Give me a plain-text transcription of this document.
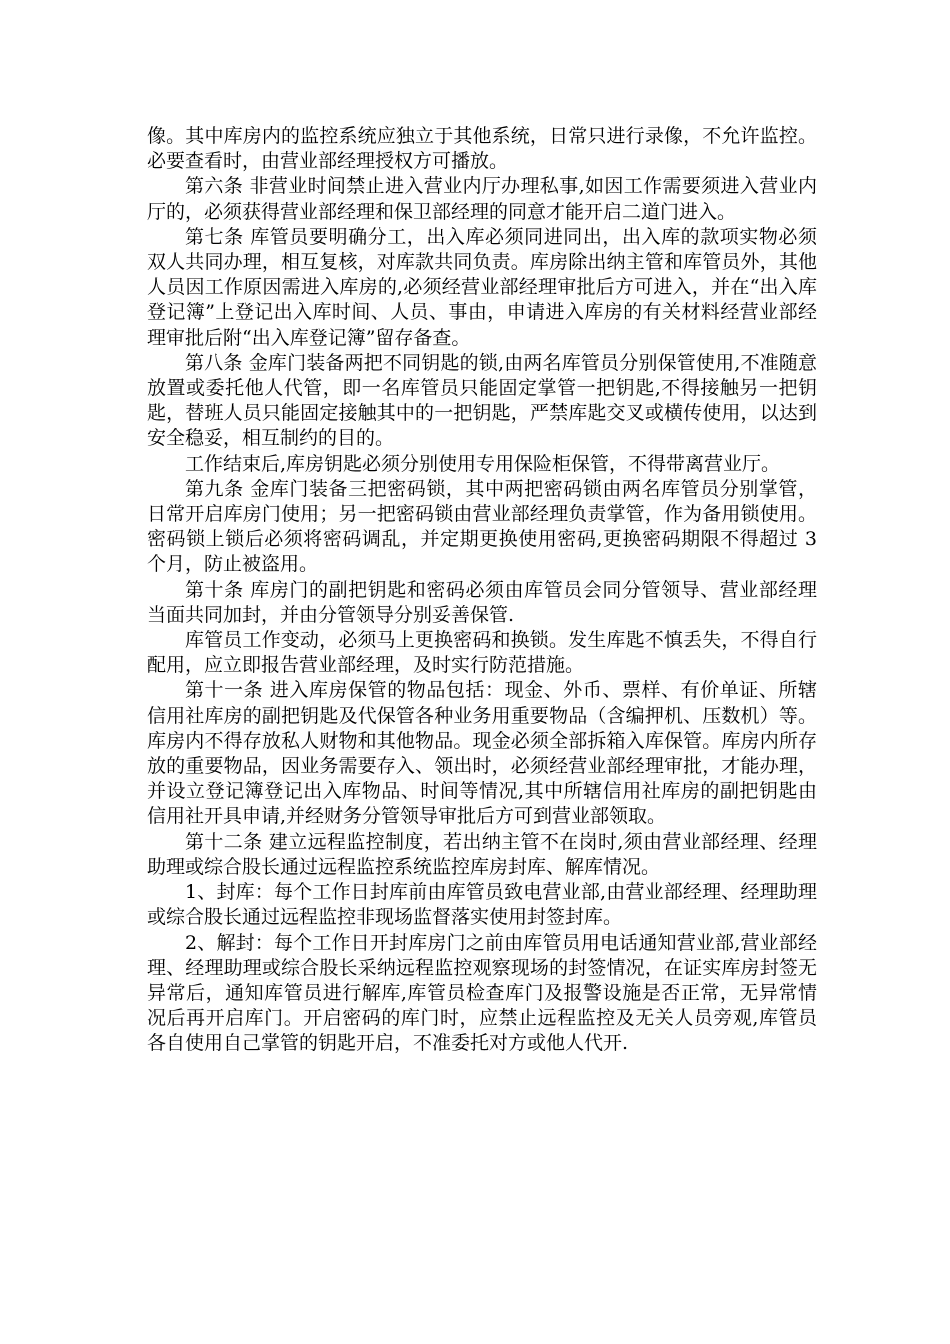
像。其中库房内的监控系统应独立于其他系统，日常只进行录像，不允许监控。必要查看时，由营业部经理授权方可播放。

第六条 非营业时间禁止进入营业内厅办理私事,如因工作需要须进入营业内厅的，必须获得营业部经理和保卫部经理的同意才能开启二道门进入。

第七条 库管员要明确分工，出入库必须同进同出，出入库的款项实物必须双人共同办理，相互复核，对库款共同负责。库房除出纳主管和库管员外，其他人员因工作原因需进入库房的,必须经营业部经理审批后方可进入，并在“出入库登记簿”上登记出入库时间、人员、事由，申请进入库房的有关材料经营业部经理审批后附“出入库登记簿”留存备查。

第八条 金库门装备两把不同钥匙的锁,由两名库管员分别保管使用,不准随意放置或委托他人代管，即一名库管员只能固定掌管一把钥匙,不得接触另一把钥匙，替班人员只能固定接触其中的一把钥匙，严禁库匙交叉或横传使用，以达到安全稳妥，相互制约的目的。

工作结束后,库房钥匙必须分别使用专用保险柜保管，不得带离营业厅。

第九条 金库门装备三把密码锁，其中两把密码锁由两名库管员分别掌管，日常开启库房门使用；另一把密码锁由营业部经理负责掌管，作为备用锁使用。密码锁上锁后必须将密码调乱，并定期更换使用密码,更换密码期限不得超过 3 个月，防止被盗用。

第十条 库房门的副把钥匙和密码必须由库管员会同分管领导、营业部经理当面共同加封，并由分管领导分别妥善保管.

库管员工作变动，必须马上更换密码和换锁。发生库匙不慎丢失，不得自行配用，应立即报告营业部经理，及时实行防范措施。

第十一条 进入库房保管的物品包括：现金、外币、票样、有价单证、所辖信用社库房的副把钥匙及代保管各种业务用重要物品（含编押机、压数机）等。库房内不得存放私人财物和其他物品。现金必须全部拆箱入库保管。库房内所存放的重要物品，因业务需要存入、领出时，必须经营业部经理审批，才能办理，并设立登记簿登记出入库物品、时间等情况,其中所辖信用社库房的副把钥匙由信用社开具申请,并经财务分管领导审批后方可到营业部领取。

第十二条 建立远程监控制度，若出纳主管不在岗时,须由营业部经理、经理助理或综合股长通过远程监控系统监控库房封库、解库情况。

1、封库：每个工作日封库前由库管员致电营业部,由营业部经理、经理助理或综合股长通过远程监控非现场监督落实使用封签封库。

2、解封：每个工作日开封库房门之前由库管员用电话通知营业部,营业部经理、经理助理或综合股长采纳远程监控观察现场的封签情况，在证实库房封签无异常后，通知库管员进行解库,库管员检查库门及报警设施是否正常，无异常情况后再开启库门。开启密码的库门时，应禁止远程监控及无关人员旁观,库管员各自使用自己掌管的钥匙开启，不准委托对方或他人代开.
